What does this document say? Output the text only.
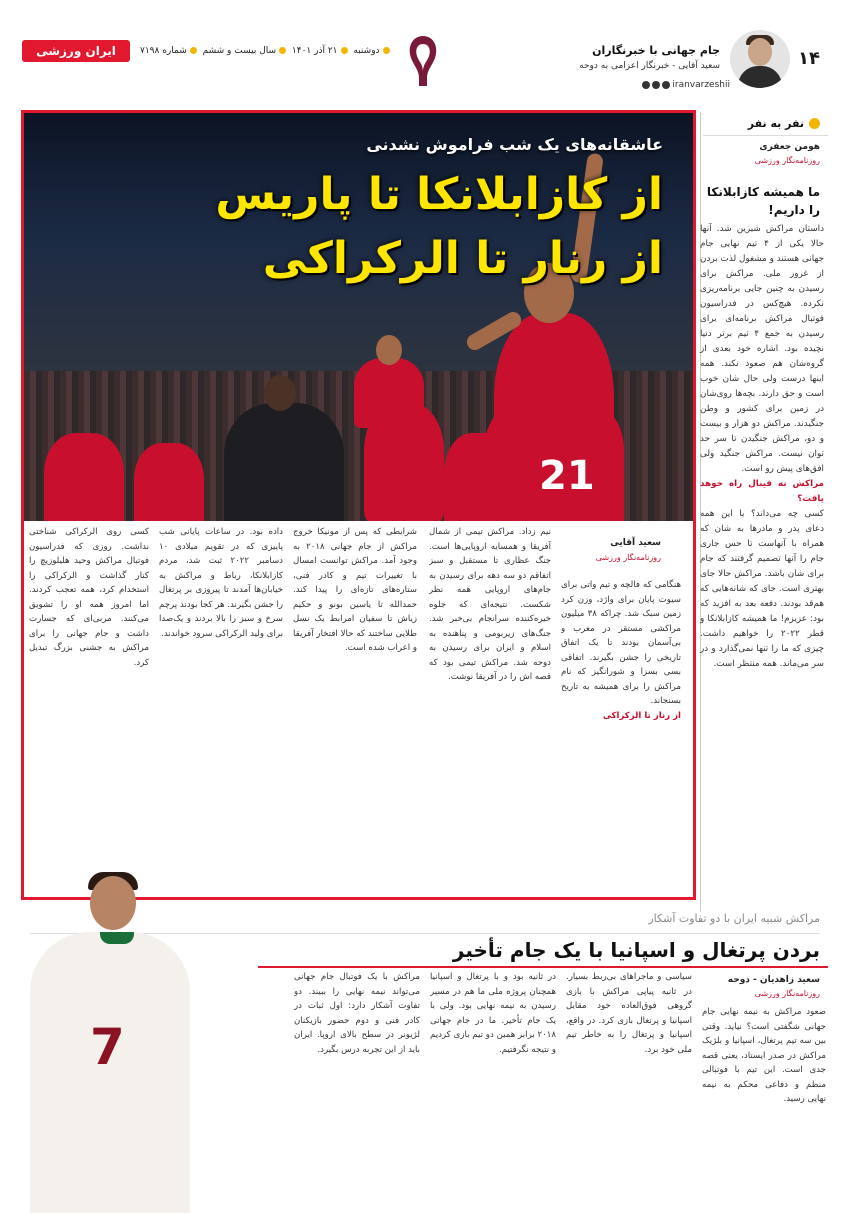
۱۴
جام جهانی با خبرنگاران
سعید آقایی - خبرنگار اعزامی به دوحه
iranvarzeshii
دوشنبه ۲۱ آذر ۱۴۰۱ سال بیست و ششم شماره ۷۱۹۸
ایران ورزشی
نفر به نفر
هومن جعفری
روزنامه‌نگار ورزشی
ما همیشه کازابلانکا را داریم!

داستان مراکش شیرین شد. آنها حالا یکی از ۴ تیم نهایی جام جهانی هستند و مشغول لذت بردن از غرور ملی. مراکش برای رسیدن به چنین جایی برنامه‌ریزی نکرده. هیچ‌کس در فدراسیون فوتبال مراکش برنامه‌ای برای رسیدن به جمع ۴ تیم برتر دنیا نچیده بود. اشاره خود بعدی از گروه‌شان هم صعود نکند. همه اینها درست ولی حال شان خوب است و حق دارند. بچه‌ها روی‌شان در زمین برای کشور و وطن جنگیدند. مراکش دو هزار و بیست و دو، مراکش جنگیدن تا سر حد توان نیست. مراکش جنگید ولی افق‌های پیش رو است.

مراکش نه فینال راه خوهد یافت؟

کسی چه می‌داند؟ با این همه دعای پدر و مادرها به شان که همراه با آنهاست تا حس جاری جام را آنها تصمیم گرفتند که جام برای شان باشد. مراکش حالا جای بهتری است. جای که شانه‌هایی که هم‌قد بودند. دفعه بعد به افزید که بود: عزیزم! ما همیشه کازابلانکا و قطر ۲۰۲۲ را خواهیم داشت. چیزی که ما را تنها نمی‌گذارد و در سر می‌ماند. همه منتظر است.

21
عاشقانه‌های یک شب فراموش نشدنی
از کازابلانکا تا پاریس
از رنار تا الرکراکی
سعید آقایی
روزنامه‌نگار ورزشی

هنگامی که فالچه و تیم واتی برای سیوت پایان برای واژد، وزن کرد زمین سبک شد. چراکه ۳۸ میلیون مراکشی مستقر در مغرب و بی‌آسمان بودند تا یک اتفاق تاریخی را جشن بگیرند. اتفاقی بسی بسزا و شورانگیز که نام مراکش را برای همیشه به تاریخ بسنجاند.

از رنار تا الرکراکی

نیم زداد. مراکش تیمی از شمال آفریقا و همسایه اروپایی‌ها است. جنگ عظاری تا مستقبل و سبز اتفاقم دو سه دهه برای رسیدن به جام‌های اروپایی همه نظر شکست. نتیجه‌ای که جلوه خیره‌کننده سرانجام بی‌خبر شد. جنگ‌های زیربومی و پناهنده به اسلام و ایران برای رسیدن به دوحه شد. مراکش تیمی بود که قصه اش را در آفریقا نوشت.
شرایطی که پس از مونیکا خروج مراکش از جام جهانی ۲۰۱۸ به وجود آمد. مراکش توانست امسال با تغییرات تیم و کادر فنی، ستاره‌های تازه‌ای را پیدا کند. حمدالله تا یاسین بونو و حکیم زیاش تا سفیان امرابط یک نسل طلایی ساختند که حالا افتخار آفریقا و اعراب شده است.
داده بود. در ساعات پایانی شب پاییزی که در تقویم میلادی ۱۰ دسامبر ۲۰۲۲ ثبت شد، مردم کازابلانکا، رباط و مراکش به خیابان‌ها آمدند تا پیروزی بر پرتغال را جشن بگیرند. هر کجا بودند پرچم سرخ و سبز را بالا بردند و یک‌صدا برای ولید الرکراکی سرود خواندند.
کسی روی الرکراکی شناختی نداشت. روزی که فدراسیون فوتبال مراکش وحید هلیلوزیچ را کنار گذاشت و الرکراکی را استخدام کرد، همه تعجب کردند. اما امروز همه او را تشویق می‌کنند. مربی‌ای که جسارت داشت و جام جهانی را برای مراکش به جشنی بزرگ تبدیل کرد.
مراکش شبیه ایران با دو تفاوت آشکار
بردن پرتغال و اسپانیا با یک جام تأخیر
سعید زاهدیان - دوحه
روزنامه‌نگار ورزشی
صعود مراکش به نیمه نهایی جام جهانی شگفتی است؟ نیاید. وقتی بین سه تیم پرتغال، اسپانیا و بلژیک مراکش در صدر ایستاد، یعنی قصه جدی است. این تیم با فوتبالی منظم و دفاعی محکم به نیمه نهایی رسید.
سیاسی و ماجراهای بی‌ربط بسیار. در ثانیه پیاپی مراکش با بازی گروهی فوق‌العاده خود مقابل اسپانیا و پرتغال بازی کرد. در واقع، اسپانیا و پرتغال را به خاطر تیم ملی خود برد.
در ثانیه بود و با پرتغال و اسپانیا همچنان پروژه ملی ما هم در مسیر رسیدن به نیمه نهایی بود. ولی با یک جام تأخیر. ما در جام جهانی ۲۰۱۸ برابر همین دو تیم بازی کردیم و نتیجه نگرفتیم.
مراکش با یک فوتبال جام جهانی می‌تواند نیمه نهایی را ببیند. دو تفاوت آشکار دارد: اول ثبات در کادر فنی و دوم حضور بازیکنان لژیونر در سطح بالای اروپا. ایران باید از این تجربه درس بگیرد.
7
